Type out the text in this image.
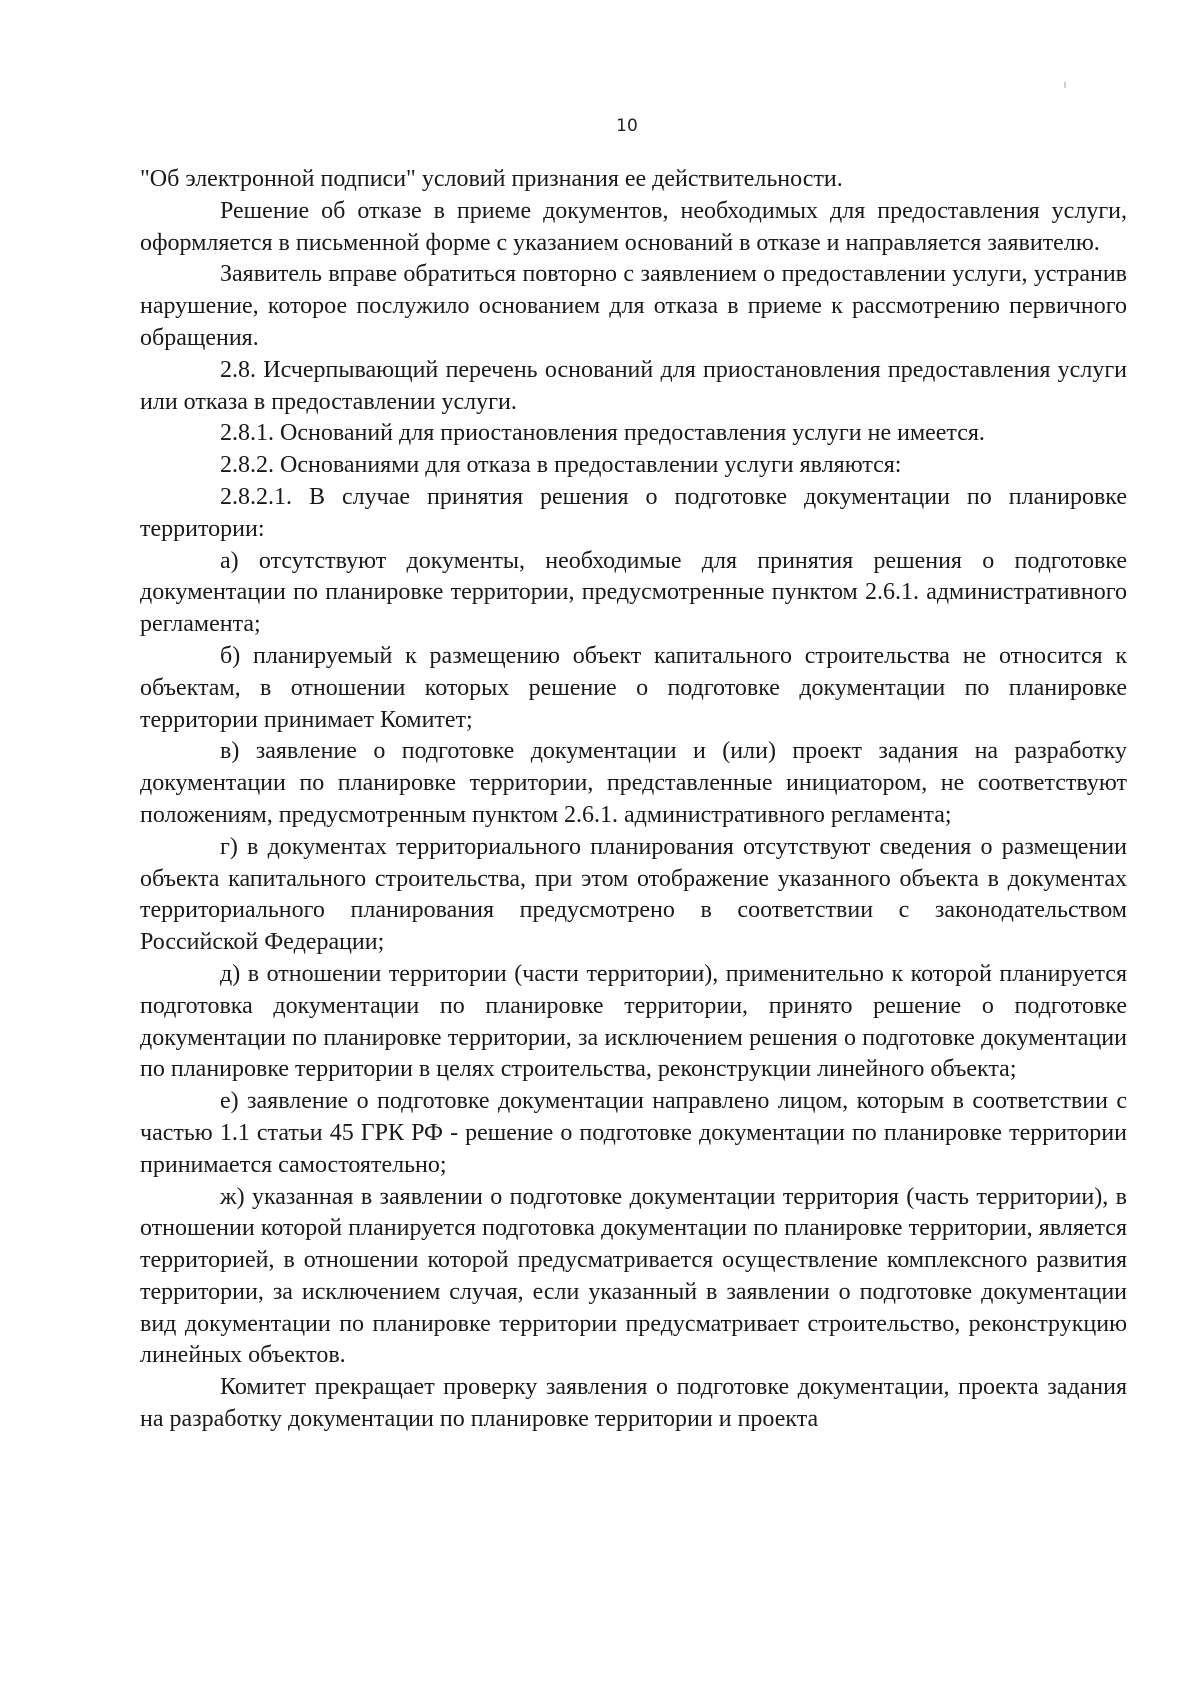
10

"Об электронной подписи" условий признания ее действительности.

Решение об отказе в приеме документов, необходимых для предоставления услуги, оформляется в письменной форме с указанием оснований в отказе и направляется заявителю.

Заявитель вправе обратиться повторно с заявлением о предоставлении услуги, устранив нарушение, которое послужило основанием для отказа в приеме к рассмотрению первичного обращения.

2.8. Исчерпывающий перечень оснований для приостановления предоставления услуги или отказа в предоставлении услуги.

2.8.1. Оснований для приостановления предоставления услуги не имеется.

2.8.2. Основаниями для отказа в предоставлении услуги являются:

2.8.2.1. В случае принятия решения о подготовке документации по планировке территории:

а) отсутствуют документы, необходимые для принятия решения о подготовке документации по планировке территории, предусмотренные пунктом 2.6.1. административного регламента;

б) планируемый к размещению объект капитального строительства не относится к объектам, в отношении которых решение о подготовке документации по планировке территории принимает Комитет;

в) заявление о подготовке документации и (или) проект задания на разработку документации по планировке территории, представленные инициатором, не соответствуют положениям, предусмотренным пунктом 2.6.1. административного регламента;

г) в документах территориального планирования отсутствуют сведения о размещении объекта капитального строительства, при этом отображение указанного объекта в документах территориального планирования предусмотрено в соответствии с законодательством Российской Федерации;

д) в отношении территории (части территории), применительно к которой планируется подготовка документации по планировке территории, принято решение о подготовке документации по планировке территории, за исключением решения о подготовке документации по планировке территории в целях строительства, реконструкции линейного объекта;

е) заявление о подготовке документации направлено лицом, которым в соответствии с частью 1.1 статьи 45 ГРК РФ - решение о подготовке документации по планировке территории принимается самостоятельно;

ж) указанная в заявлении о подготовке документации территория (часть территории), в отношении которой планируется подготовка документации по планировке территории, является территорией, в отношении которой предусматривается осуществление комплексного развития территории, за исключением случая, если указанный в заявлении о подготовке документации вид документации по планировке территории предусматривает строительство, реконструкцию линейных объектов.

Комитет прекращает проверку заявления о подготовке документации, проекта задания на разработку документации по планировке территории и проекта
